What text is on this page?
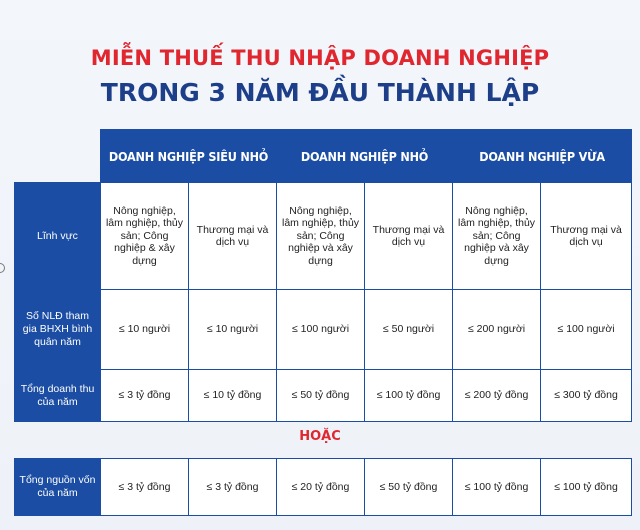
MIỄN THUẾ THU NHẬP DOANH NGHIỆP
TRONG 3 NĂM ĐẦU THÀNH LẬP
	DOANH NGHIỆP SIÊU NHỎ		DOANH NGHIỆP NHỎ		DOANH NGHIỆP VỪA	
Lĩnh vực	Nông nghiệp, lâm nghiệp, thủy sản; Công nghiệp & xây dựng	Thương mại và dịch vụ	Nông nghiệp, lâm nghiệp, thủy sản; Công nghiệp và xây dựng	Thương mại và dịch vụ	Nông nghiệp, lâm nghiệp, thủy sản; Công nghiệp và xây dựng	Thương mại và dịch vụ
Số NLĐ tham gia BHXH bình quân năm	≤ 10 người	≤ 10 người	≤ 100 người	≤ 50 người	≤ 200 người	≤ 100 người
Tổng doanh thu của năm	≤ 3 tỷ đồng	≤ 10 tỷ đồng	≤ 50 tỷ đồng	≤ 100 tỷ đồng	≤ 200 tỷ đồng	≤ 300 tỷ đồng
HOẶC
Tổng nguồn vốn của năm	≤ 3 tỷ đồng	≤ 3 tỷ đồng	≤ 20 tỷ đồng	≤ 50 tỷ đồng	≤ 100 tỷ đồng	≤ 100 tỷ đồng
